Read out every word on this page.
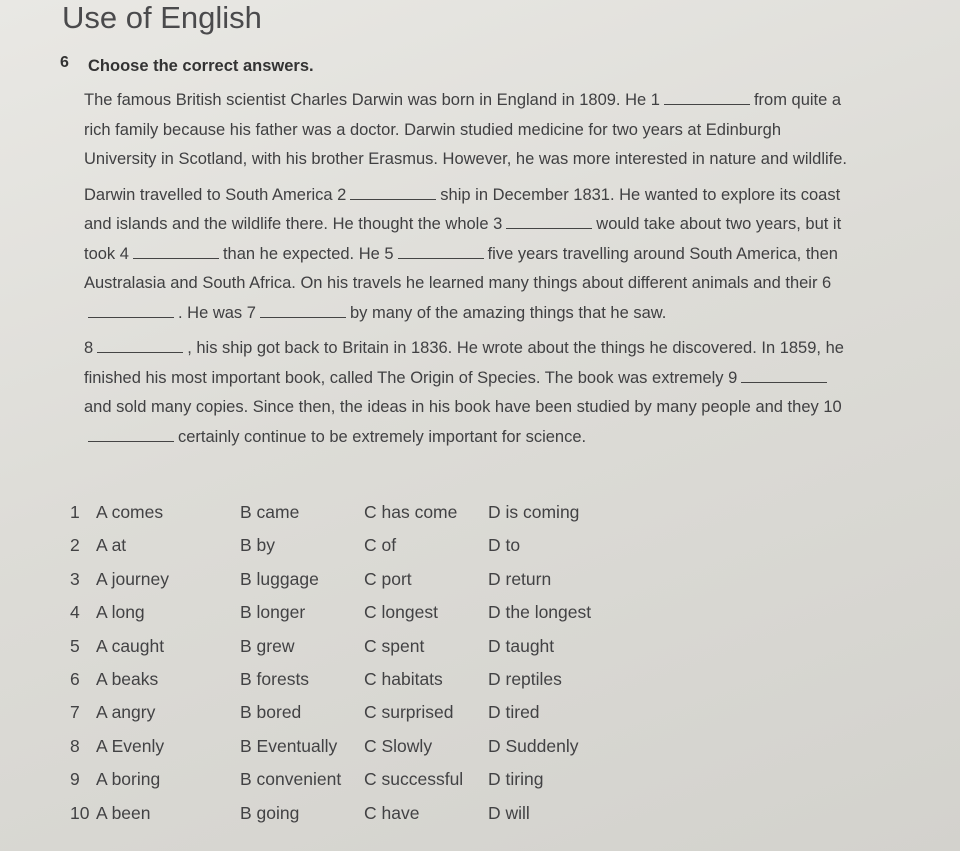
Use of English
6 Choose the correct answers.
The famous British scientist Charles Darwin was born in England in 1809. He 1	from quite a
rich family because his father was a doctor. Darwin studied medicine for two years at Edinburgh
University in Scotland, with his brother Erasmus. However, he was more interested in nature and wildlife.
Darwin travelled to South America 2	ship in December 1831. He wanted to explore its coast
and islands and the wildlife there. He thought the whole 3	would take about two years, but it
took 4	than he expected. He 5	five years travelling around South America, then
Australasia and South Africa. On his travels he learned many things about different animals and their 6
. He was 7	by many of the amazing things that he saw.
8	, his ship got back to Britain in 1836. He wrote about the things he discovered. In 1859, he
finished his most important book, called The Origin of Species. The book was extremely 9
and sold many copies. Since then, the ideas in his book have been studied by many people and they 10
certainly continue to be extremely important for science.
1 A comes	B came	C has come	D is coming
2 A at	B by	C of	D to
3 A journey	B luggage	C port	D return
4 A long	B longer	C longest	D the longest
5 A caught	B grew	C spent	D taught
6 A beaks	B forests	C habitats	D reptiles
7 A angry	B bored	C surprised	D tired
8 A Evenly	B Eventually	C Slowly	D Suddenly
9 A boring	B convenient	C successful	D tiring
10 A been	B going	C have	D will
